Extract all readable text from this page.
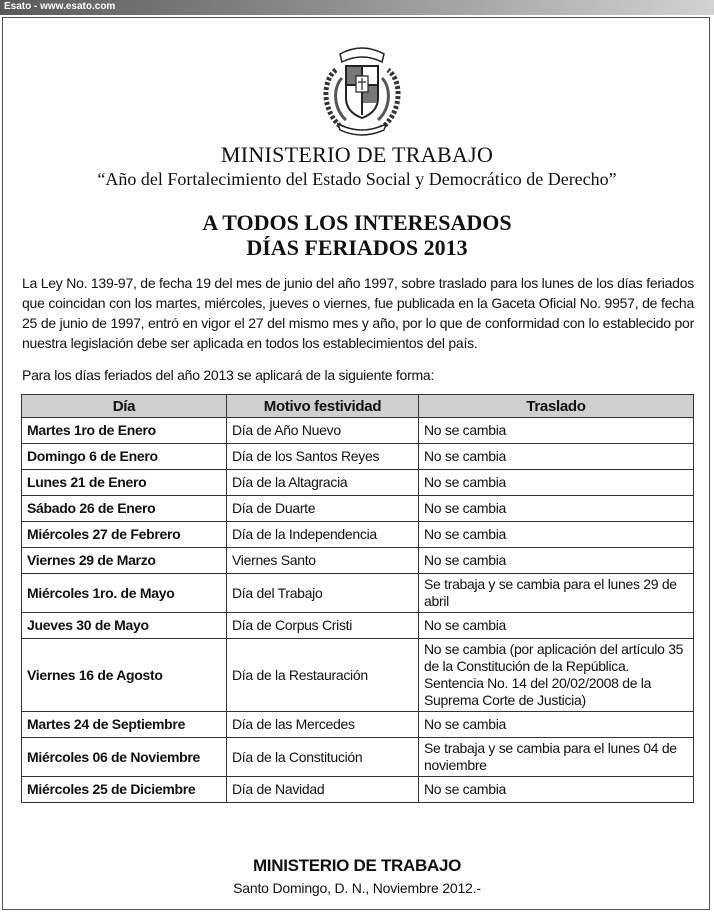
Esato - www.esato.com
MINISTERIO DE TRABAJO
“Año del Fortalecimiento del Estado Social y Democrático de Derecho”
A TODOS LOS INTERESADOS
DÍAS FERIADOS 2013
La Ley No. 139-97, de fecha 19 del mes de junio del año 1997, sobre traslado para los lunes de los días feriados que coincidan con los martes, miércoles, jueves o viernes, fue publicada en la Gaceta Oficial No. 9957, de fecha 25 de junio de 1997, entró en vigor el 27 del mismo mes y año, por lo que de conformidad con lo establecido por nuestra legislación debe ser aplicada en todos los establecimientos del país.
Para los días feriados del año 2013 se aplicará de la siguiente forma:
Día	Motivo festividad	Traslado
Martes 1ro de Enero	Día de Año Nuevo	No se cambia
Domingo 6 de Enero	Día de los Santos Reyes	No se cambia
Lunes 21 de Enero	Día de la Altagracia	No se cambia
Sábado 26 de Enero	Día de Duarte	No se cambia
Miércoles 27 de Febrero	Día de la Independencia	No se cambia
Viernes 29 de Marzo	Viernes Santo	No se cambia
Miércoles 1ro. de Mayo	Día del Trabajo	Se trabaja y se cambia para el lunes 29 de abril
Jueves 30 de Mayo	Día de Corpus Cristi	No se cambia
Viernes 16 de Agosto	Día de la Restauración	No se cambia (por aplicación del artículo 35 de la Constitución de la República. Sentencia No. 14 del 20/02/2008 de la Suprema Corte de Justicia)
Martes 24 de Septiembre	Día de las Mercedes	No se cambia
Miércoles 06 de Noviembre	Día de la Constitución	Se trabaja y se cambia para el lunes 04 de noviembre
Miércoles 25 de Diciembre	Día de Navidad	No se cambia
MINISTERIO DE TRABAJO
Santo Domingo, D. N., Noviembre 2012.-
